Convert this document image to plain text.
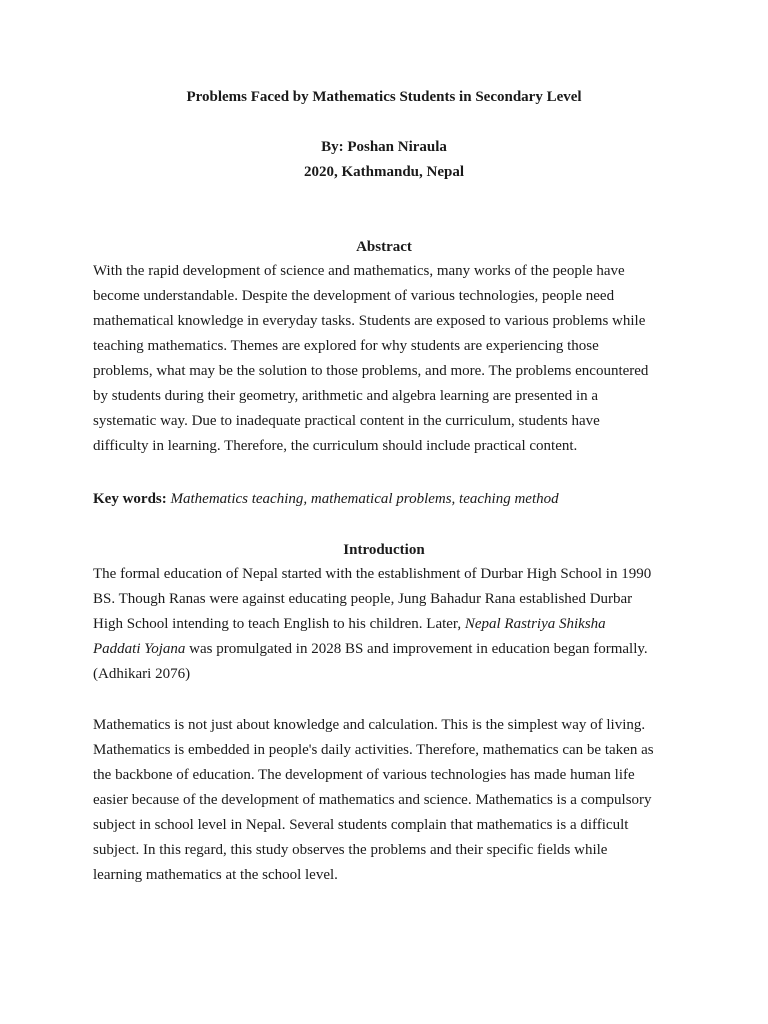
Problems Faced by Mathematics Students in Secondary Level
By: Poshan Niraula
2020, Kathmandu, Nepal
Abstract
With the rapid development of science and mathematics, many works of the people have
become understandable. Despite the development of various technologies, people need
mathematical knowledge in everyday tasks. Students are exposed to various problems while
teaching mathematics. Themes are explored for why students are experiencing those
problems, what may be the solution to those problems, and more. The problems encountered
by students during their geometry, arithmetic and algebra learning are presented in a
systematic way. Due to inadequate practical content in the curriculum, students have
difficulty in learning. Therefore, the curriculum should include practical content.
Key words: Mathematics teaching, mathematical problems, teaching method
Introduction
The formal education of Nepal started with the establishment of Durbar High School in 1990
BS. Though Ranas were against educating people, Jung Bahadur Rana established Durbar
High School intending to teach English to his children. Later, Nepal Rastriya Shiksha
Paddati Yojana was promulgated in 2028 BS and improvement in education began formally.
(Adhikari 2076)
Mathematics is not just about knowledge and calculation. This is the simplest way of living.
Mathematics is embedded in people's daily activities. Therefore, mathematics can be taken as
the backbone of education. The development of various technologies has made human life
easier because of the development of mathematics and science. Mathematics is a compulsory
subject in school level in Nepal. Several students complain that mathematics is a difficult
subject. In this regard, this study observes the problems and their specific fields while
learning mathematics at the school level.
